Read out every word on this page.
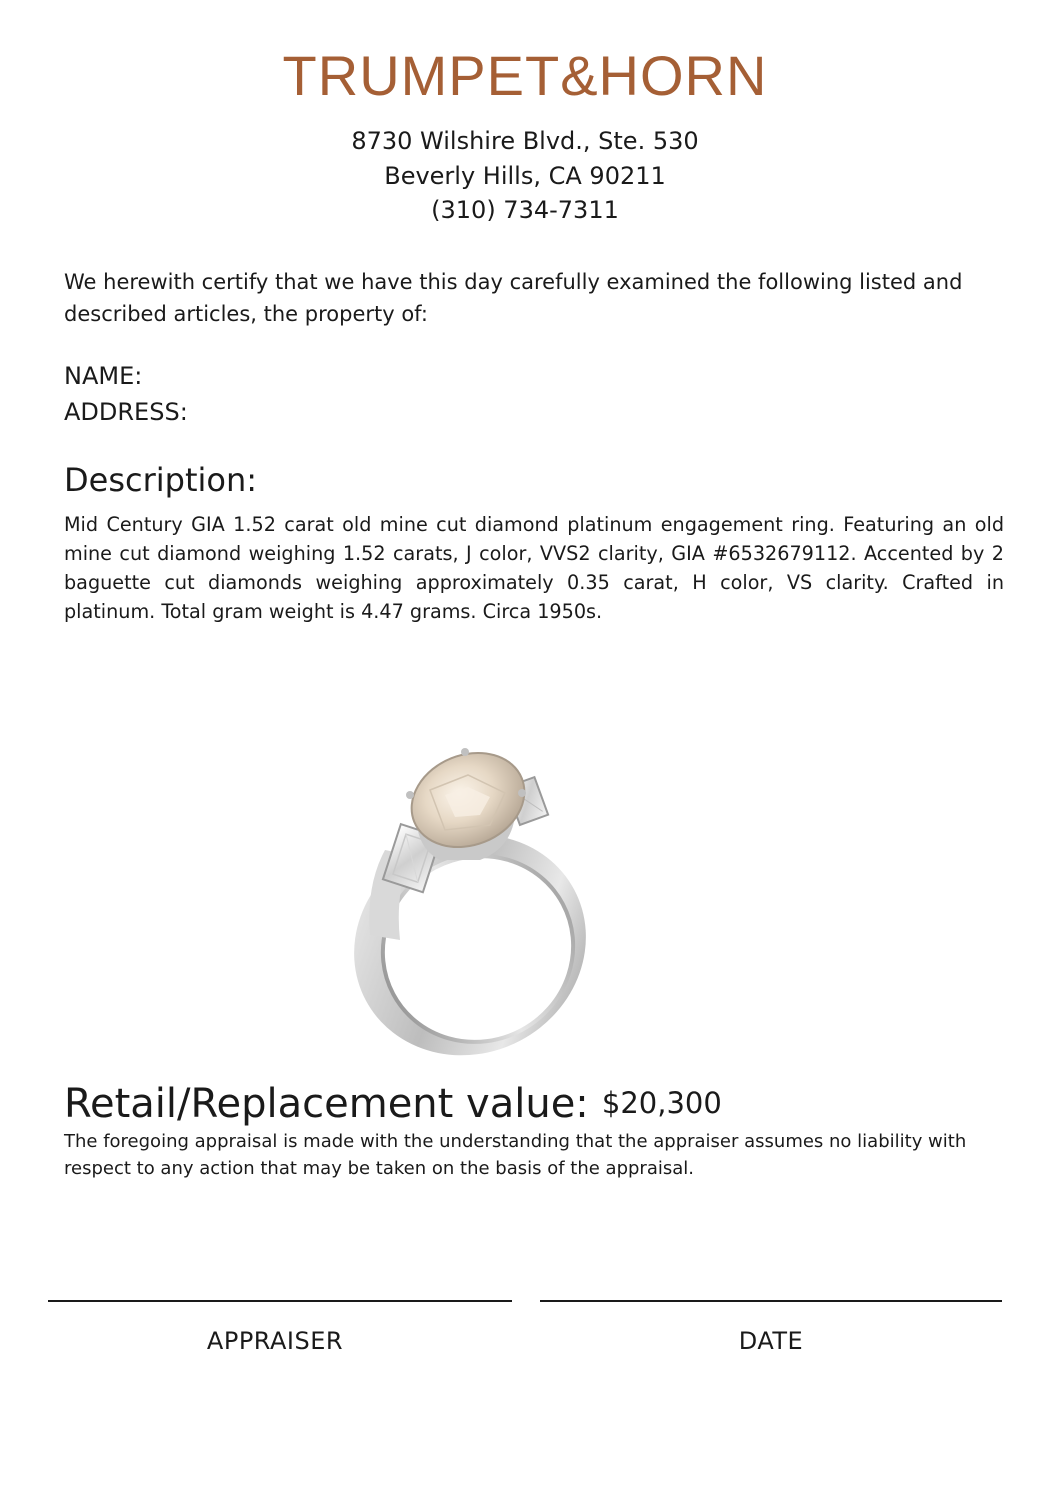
TRUMPET&HORN
8730 Wilshire Blvd., Ste. 530
Beverly Hills, CA 90211
(310) 734-7311
We herewith certify that we have this day carefully examined the following listed and described articles, the property of:
NAME:
ADDRESS:
Description:
Mid Century GIA 1.52 carat old mine cut diamond platinum engagement ring. Featuring an old mine cut diamond weighing 1.52 carats, J color, VVS2 clarity, GIA #6532679112. Accented by 2 baguette cut diamonds weighing approximately 0.35 carat, H color, VS clarity. Crafted in platinum. Total gram weight is 4.47 grams. Circa 1950s.
Retail/Replacement value: $20,300
The foregoing appraisal is made with the understanding that the appraiser assumes no liability with respect to any action that may be taken on the basis of the appraisal.
APPRAISER	DATE
